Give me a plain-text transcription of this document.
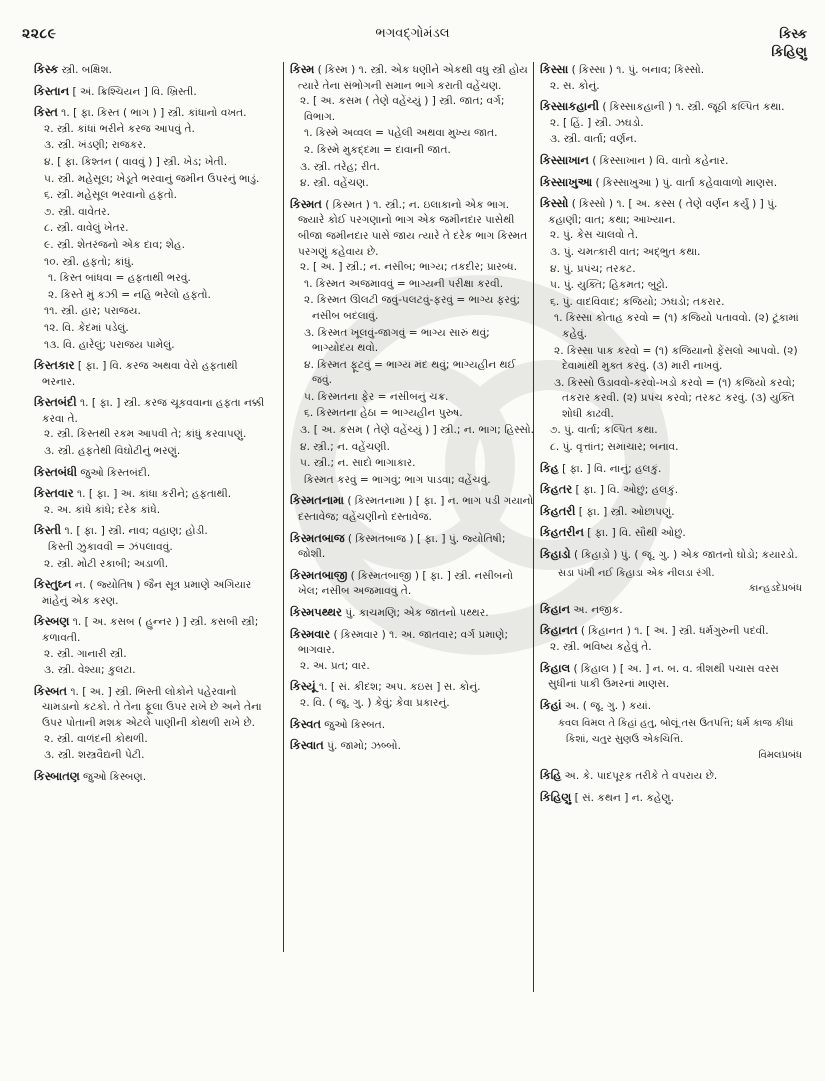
૨૨૮૯	ભગવદ્ગોમંડલ	કિસ્ક
કિહિણુ
કિસ્ક સ્ત્રી. બક્ષિશ.
કિસ્તાન [ અં. ક્રિશ્ચિયન ] વિ. ખ્રિસ્તી.
કિસ્ત ૧. [ ફા. કિસ્ત ( ભાગ ) ] સ્ત્રી. કાંધાનો વખત.
૨. સ્ત્રી. કાંધાં ભરીને કરજ આપવું તે.
૩. સ્ત્રી. ખંડણી; રાજકર.
૪. [ ફા. કિશ્તન ( વાવવું ) ] સ્ત્રી. ખેડ; ખેતી.
૫. સ્ત્રી. મહેસૂલ; ખેડૂતે ભરવાનું જમીન ઉપરનું ભાડું.
૬. સ્ત્રી. મહેસૂલ ભરવાનો હફતો.
૭. સ્ત્રી. વાવેતર.
૮. સ્ત્રી. વાવેલું ખેતર.
૯. સ્ત્રી. શેતરંજનો એક દાવ; શેહ.
૧૦. સ્ત્રી. હફતો; કાંધું.
૧. કિસ્ત બાંધવા = હફતાથી ભરવું.
૨. કિસ્તે મું કઝી = નહિ ભરેલો હફતો.
૧૧. સ્ત્રી. હાર; પરાજય.
૧૨. વિ. કેદમાં પડેલું.
૧૩. વિ. હારેલું; પરાજય પામેલું.
કિસ્તકાર [ ફા. ] વિ. કરજ અથવા વેરો હફતાથી ભરનાર.
કિસ્તબંદી ૧. [ ફા. ] સ્ત્રી. કરજ ચૂકવવાના હફતા નક્કી કરવા તે.
૨. સ્ત્રી. કિસ્તથી રકમ આપવી તે; કાંધું કરવાપણું.
૩. સ્ત્રી. હફતેથી વિઘોટીનું ભરણું.
કિસ્તબંધી જુઓ કિસ્તબંદી.
કિસ્તવાર ૧. [ ફા. ] અ. કાંધા કરીને; હફતાથી.
૨. અ. કાંધે કાંધે; દરેક કાંધે.
કિસ્તી ૧. [ ફા. ] સ્ત્રી. નાવ; વહાણ; હોડી.
કિસ્તી ઝુકાવવી = ઝંપલાવવું.
૨. સ્ત્રી. મોટી રકાબી; અડાળી.
કિસ્તુઘ્ન ન. ( જ્યોતિષ ) જૈન સૂત્ર પ્રમાણે અગિયાર માંહેનું એક કરણ.
કિસ્બણ ૧. [ અ. કસબ ( હુન્નર ) ] સ્ત્રી. કસબી સ્ત્રી; કળાવતી.
૨. સ્ત્રી. ગાનારી સ્ત્રી.
૩. સ્ત્રી. વેશ્યા; કુલટા.
કિસ્બત ૧. [ અ. ] સ્ત્રી. ભિસ્તી લોકોને પહેરવાનો ચામડાનો કટકો. તે તેના ફૂલા ઉપર રાખે છે અને તેના ઉપર પોતાની મશક એટલે પાણીની કોથળી રાખે છે.
૨. સ્ત્રી. વાળંદની કોથળી.
૩. સ્ત્રી. શસ્ત્રવૈદ્યની પેટી.
કિસ્બાતણ જુઓ કિસ્બણ.
કિસ્મ ( કિ઼સ્મ ) ૧. સ્ત્રી. એક ધણીને એકથી વધુ સ્ત્રી હોય ત્યારે તેના સંભોગની સમાન ભાગે કરાતી વહેંચણ.
૨. [ અ. કસમ ( તેણે વહેંચ્યું ) ] સ્ત્રી. જાત; વર્ગ; વિભાગ.
૧. કિસ્મે અવ્વલ = પહેલી અથવા મુખ્ય જાત.
૨. કિસ્મે મુકદ્દમા = દાવાની જાત.
૩. સ્ત્રી. તરેહ; રીત.
૪. સ્ત્રી. વહેંચણ.
કિસ્મત ( કિ઼સ્મત ) ૧. સ્ત્રી.; ન. ઇલાકાનો એક ભાગ. જ્યારે કોઈ પરગણાનો ભાગ એક જમીનદાર પાસેથી બીજા જમીનદાર પાસે જાય ત્યારે તે દરેક ભાગ કિસ્મત પરગણું કહેવાય છે.
૨. [ અ. ] સ્ત્રી.; ન. નસીબ; ભાગ્ય; તકદીર; પ્રારબ્ધ.
૧. કિસ્મત અજમાવવું = ભાગ્યની પરીક્ષા કરવી.
૨. કિસ્મત ઊલટી જવું-પલટવું-ફરવું = ભાગ્ય ફરવું; નસીબ બદલાવું.
૩. કિસ્મત ખૂલવું-જાગવું = ભાગ્ય સારું થવું; ભાગ્યોદય થવો.
૪. કિસ્મત ફૂટવું = ભાગ્ય મંદ થવું; ભાગ્યહીન થઈ જવું.
૫. કિસ્મતના ફેર = નસીબનું ચક્ર.
૬. કિસ્મતના હેઠા = ભાગ્યહીન પુરુષ.
૩. [ અ. કસમ ( તેણે વહેંચ્યું ) ] સ્ત્રી.; ન. ભાગ; હિસ્સો.
૪. સ્ત્રી.; ન. વહેંચણી.
૫. સ્ત્રી.; ન. સાદો ભાગાકાર.
કિસ્મત કરવું = ભાગવું; ભાગ પાડવા; વહેંચવું.
કિસ્મતનામા ( કિ઼સ્મતનામા ) [ ફા. ] ન. ભાગ પડી ગયાનો દસ્તાવેજ; વહેંચણીનો દસ્તાવેજ.
કિસ્મતબાજ ( કિ઼સ્મતબાજ ) [ ફા. ] પું. જ્યોતિષી; જોશી.
કિસ્મતબાજી ( કિ઼સ્મતબાજી ) [ ફા. ] સ્ત્રી. નસીબનો ખેલ; નસીબ અજમાવવું તે.
કિસ્મપથ્થર પું. કાચમણિ; એક જાતનો પથ્થર.
કિસ્મવાર ( કિ઼સ્મવાર ) ૧. અ. જાતવાર; વર્ગ પ્રમાણે; ભાગવાર.
૨. અ. પ્રત; વાર.
કિસ્યૂં ૧. [ સં. કીદશ; અપ. કઇસ ] સ. કોનું.
૨. વિ. ( જૂ. ગુ. ) કેવું; કેવા પ્રકારનું.
કિસ્વત જુઓ કિસ્બત.
કિસ્વાત પું. જામો; ઝબ્બો.
કિસ્સા ( કિ઼સ્સા ) ૧. પું. બનાવ; કિસ્સો.
૨. સ. કોનું.
કિસ્સાકહાની ( કિ઼સ્સાકહાની ) ૧. સ્ત્રી. જૂઠી કલ્પિત કથા.
૨. [ હિં. ] સ્ત્રી. ઝઘડો.
૩. સ્ત્રી. વાર્તા; વર્ણન.
કિસ્સાખાન ( કિ઼સ્સાખાન ) વિ. વાતો કહેનાર.
કિસ્સાખુઆ ( કિ઼સ્સાખુઆ ) પું. વાર્તા કહેવાવાળો માણસ.
કિસ્સો ( કિ઼સ્સો ) ૧. [ અ. કસ્સ ( તેણે વર્ણન કર્યું ) ] પું. કહાણી; વાત; કથા; આખ્યાન.
૨. પું. કેસ ચાલવો તે.
૩. પું. ચમત્કારી વાત; અદ્ભુત કથા.
૪. પું. પ્રપંચ; તરકટ.
૫. પું. યુક્તિ; હિકમત; બુટ્ટો.
૬. પું. વાદવિવાદ; કજિયો; ઝઘડો; તકરાર.
૧. કિસ્સા કોતાહ કરવો = (૧) કજિયો પતાવવો. (૨) ટૂંકામાં કહેવું.
૨. કિસ્સા પાક કરવો = (૧) કજિયાનો ફેંસલો આપવો. (૨) દેવામાંથી મુક્ત કરવું. (૩) મારી નાખવું.
૩. કિસ્સો ઉડાવવો-કરવો-ખડો કરવો = (૧) કજિયો કરવો; તકરાર કરવી. (૨) પ્રપંચ કરવો; તરકટ કરવું. (૩) યુક્તિ શોધી કાઢવી.
૭. પું. વાર્તા; કલ્પિત કથા.
૮. પું. વૃત્તાંત; સમાચાર; બનાવ.
કિહ [ ફા. ] વિ. નાનું; હલકું.
કિહતર [ ફા. ] વિ. ઓછું; હલકું.
કિહતરી [ ફા. ] સ્ત્રી. ઓછાપણું.
કિહતરીન [ ફા. ] વિ. સૌથી ઓછું.
કિહાડો ( કિહાડ઼ો ) પું. ( જૂ. ગુ. ) એક જાતનો ઘોડો; કયારડો.
સડા પંખી નઈ કિહાડા એક નીલડા રંગી.
કાન્હડદેપ્રબંધ
કિહાન અ. નજીક.
કિહાનત ( કિ઼હાનત ) ૧. [ અ. ] સ્ત્રી. ધર્મગુરુની પદવી.
૨. સ્ત્રી. ભવિષ્ય કહેવું તે.
કિહાલ ( કિ઼હાલ ) [ અ. ] ન. બ. વ. ત્રીશથી પચાસ વરસ સુધીનાં પાકી ઉમરનાં માણસ.
કિહાં અ. ( જૂ. ગુ. ) કયાં.
કવલ વિમલ તે કિહાં હતુ, બોલૂં તસ ઉતપત્તિ; ધર્મ કાજ કીધાં કિશાં, ચતુર સુણઉ એકચિત્તિ.
વિમલપ્રબંધ
કિહિ અ. કે. પાદપૂરક તરીકે તે વપરાય છે.
કિહિણુ [ સં. કથન ] ન. કહેણુ.
